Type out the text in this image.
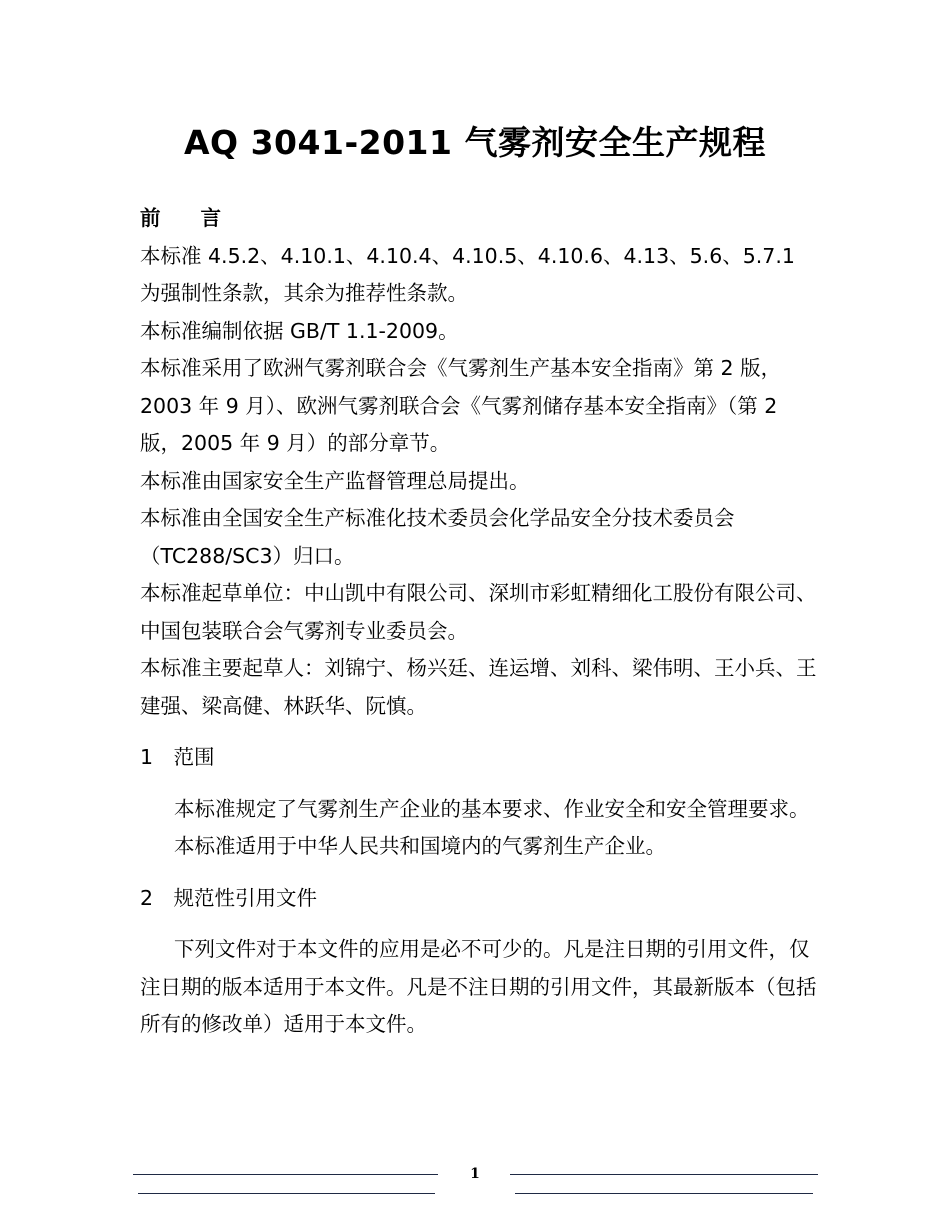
AQ 3041-2011 气雾剂安全生产规程

前言

本标准 4.5.2、4.10.1、4.10.4、4.10.5、4.10.6、4.13、5.6、5.7.1 为强制性条款，其余为推荐性条款。

本标准编制依据 GB/T 1.1-2009。

本标准采用了欧洲气雾剂联合会《气雾剂生产基本安全指南》第 2 版，2003 年 9 月）、欧洲气雾剂联合会《气雾剂储存基本安全指南》（第 2 版，2005 年 9 月）的部分章节。

本标准由国家安全生产监督管理总局提出。

本标准由全国安全生产标准化技术委员会化学品安全分技术委员会（TC288/SC3）归口。

本标准起草单位：中山凯中有限公司、深圳市彩虹精细化工股份有限公司、中国包装联合会气雾剂专业委员会。

本标准主要起草人：刘锦宁、杨兴廷、连运增、刘科、梁伟明、王小兵、王建强、梁高健、林跃华、阮慎。

1　范围

本标准规定了气雾剂生产企业的基本要求、作业安全和安全管理要求。

本标准适用于中华人民共和国境内的气雾剂生产企业。

2　规范性引用文件

下列文件对于本文件的应用是必不可少的。凡是注日期的引用文件，仅注日期的版本适用于本文件。凡是不注日期的引用文件，其最新版本（包括所有的修改单）适用于本文件。

1
